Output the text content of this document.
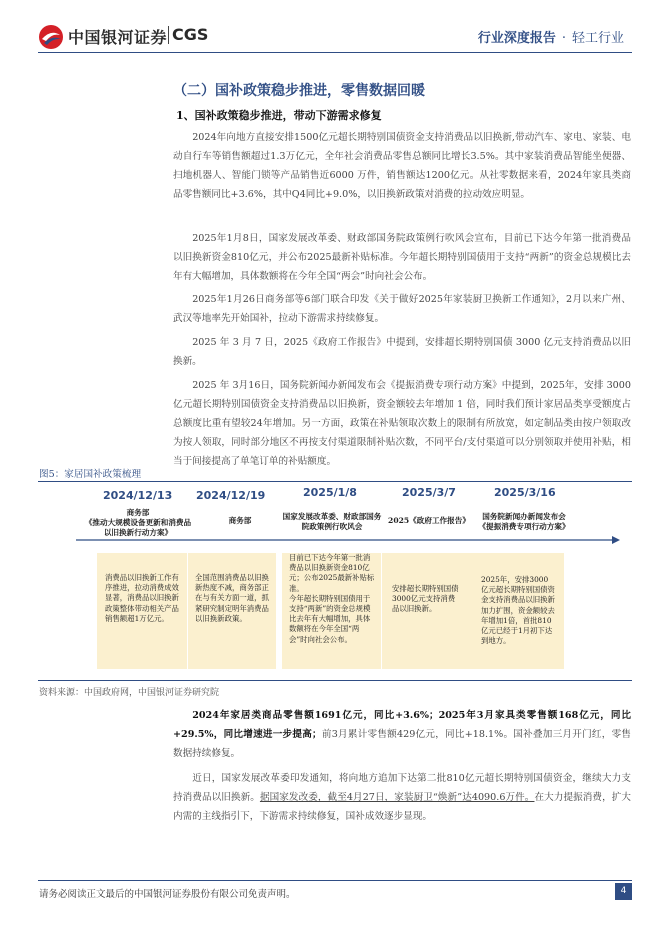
中国银河证券 CGS	行业深度报告 · 轻工行业
（二）国补政策稳步推进，零售数据回暖
1、国补政策稳步推进，带动下游需求修复

2024年向地方直接安排1500亿元超长期特别国债资金支持消费品以旧换新,带动汽车、家电、家装、电动自行车等销售额超过1.3万亿元，全年社会消费品零售总额同比增长3.5%。其中家装消费品智能坐便器、扫地机器人、智能门锁等产品销售近6000 万件，销售额达1200亿元。从社零数据来看，2024年家具类商品零售额同比+3.6%，其中Q4同比+9.0%，以旧换新政策对消费的拉动效应明显。

2025年1月8日，国家发展改革委、财政部国务院政策例行吹风会宣布，目前已下达今年第一批消费品以旧换新资金810亿元，并公布2025最新补贴标准。今年超长期特别国债用于支持“两新”的资金总规模比去年有大幅增加，具体数额将在今年全国“两会”时向社会公布。

2025年1月26日商务部等6部门联合印发《关于做好2025年家装厨卫换新工作通知》，2月以来广州、武汉等地率先开始国补，拉动下游需求持续修复。

2025 年 3 月 7 日，2025《政府工作报告》中提到，安排超长期特别国债 3000 亿元支持消费品以旧换新。

2025 年 3月16日，国务院新闻办新闻发布会《提振消费专项行动方案》中提到，2025年，安排 3000 亿元超长期特别国债资金支持消费品以旧换新，资金额较去年增加 1 倍，同时我们预计家居品类享受额度占总额度比重有望较24年增加。另一方面，政策在补贴领取次数上的限制有所放宽，如定制品类由按户领取改为按人领取，同时部分地区不再按支付渠道限制补贴次数，不同平台/支付渠道可以分别领取并使用补贴，相当于间接提高了单笔订单的补贴额度。

图5：家居国补政策梳理
2024/12/13 2024/12/19	2025/1/8	2025/3/7	2025/3/16
商务部
《推动大规模设备更新和消费品以旧换新行动方案》
商务部	国家发展改革委、财政部国务院政策例行吹风会
2025《政府工作报告》	国务院新闻办新闻发布会
《提振消费专项行动方案》
消费品以旧换新工作有序推进，拉动消费成效显著，消费品以旧换新政策整体带动相关产品销售额超1万亿元。
全国范围消费品以旧换新热度不减，商务部正在与有关方面一道，抓紧研究制定明年消费品以旧换新政策。
目前已下达今年第一批消费品以旧换新资金810亿元；公布2025最新补贴标准。
今年超长期特别国债用于支持“两新”的资金总规模比去年有大幅增加，具体数额将在今年全国“两会”时向社会公布。
安排超长期特别国债3000亿元支持消费品以旧换新。
2025年，安排3000亿元超长期特别国债资金支持消费品以旧换新加力扩围，资金额较去年增加1倍，首批810亿元已经于1月初下达到地方。
资料来源：中国政府网，中国银河证券研究院

2024年家居类商品零售额1691亿元，同比+3.6%；2025年3月家具类零售额168亿元，同比+29.5%，同比增速进一步提高；前3月累计零售额429亿元，同比+18.1%。国补叠加三月开门红，零售数据持续修复。

近日，国家发展改革委印发通知，将向地方追加下达第二批810亿元超长期特别国债资金，继续大力支持消费品以旧换新。据国家发改委，截至4月27日，家装厨卫“焕新”达4090.6万件。在大力提振消费，扩大内需的主线指引下，下游需求持续修复，国补成效逐步显现。

请务必阅读正文最后的中国银河证券股份有限公司免责声明。	4
